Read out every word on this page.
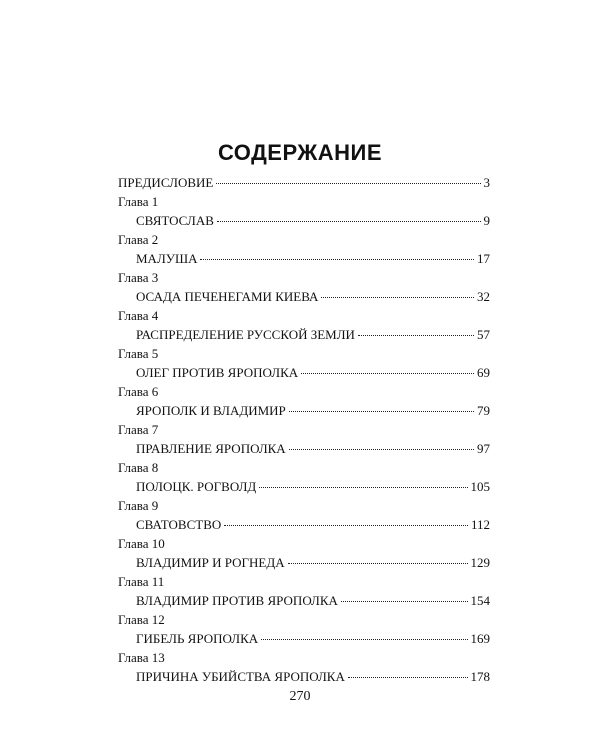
СОДЕРЖАНИЕ
ПРЕДИСЛОВИЕ	3
Глава 1
СВЯТОСЛАВ	9
Глава 2
МАЛУША	17
Глава 3
ОСАДА ПЕЧЕНЕГАМИ КИЕВА	32
Глава 4
РАСПРЕДЕЛЕНИЕ РУССКОЙ ЗЕМЛИ	57
Глава 5
ОЛЕГ ПРОТИВ ЯРОПОЛКА	69
Глава 6
ЯРОПОЛК И ВЛАДИМИР	79
Глава 7
ПРАВЛЕНИЕ ЯРОПОЛКА	97
Глава 8
ПОЛОЦК. РОГВОЛД	105
Глава 9
СВАТОВСТВО	112
Глава 10
ВЛАДИМИР И РОГНЕДА	129
Глава 11
ВЛАДИМИР ПРОТИВ ЯРОПОЛКА	154
Глава 12
ГИБЕЛЬ ЯРОПОЛКА	169
Глава 13
ПРИЧИНА УБИЙСТВА ЯРОПОЛКА	178
270
